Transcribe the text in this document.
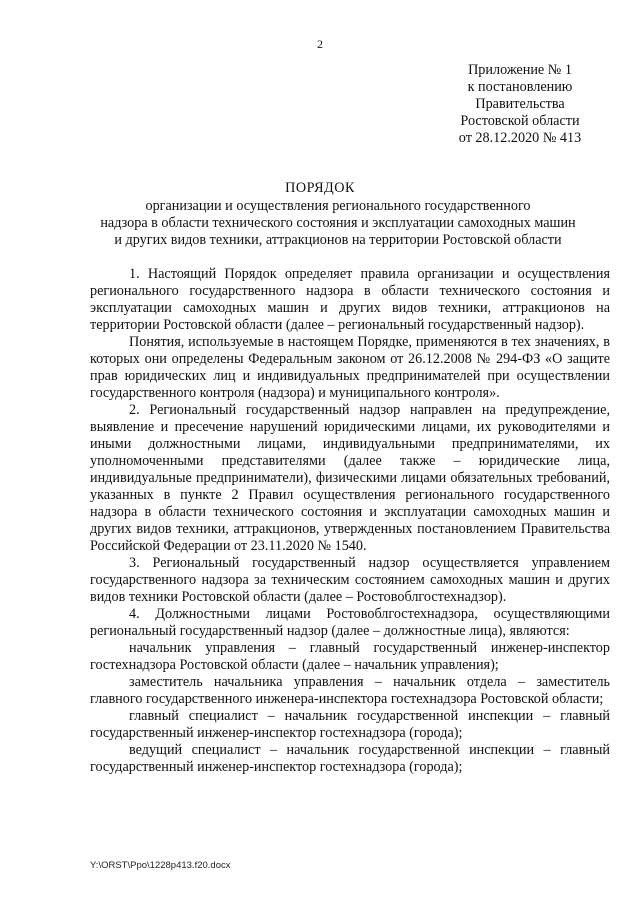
2
Приложение № 1
к постановлению
Правительства
Ростовской области
от 28.12.2020 № 413
ПОРЯДОК
организации и осуществления регионального государственного
надзора в области технического состояния и эксплуатации самоходных машин
и других видов техники, аттракционов на территории Ростовской области

1. Настоящий Порядок определяет правила организации и осуществления регионального государственного надзора в области технического состояния и эксплуатации самоходных машин и других видов техники, аттракционов на территории Ростовской области (далее – региональный государственный надзор).

Понятия, используемые в настоящем Порядке, применяются в тех значениях, в которых они определены Федеральным законом от 26.12.2008 № 294-ФЗ «О защите прав юридических лиц и индивидуальных предпринимателей при осуществлении государственного контроля (надзора) и муниципального контроля».

2. Региональный государственный надзор направлен на предупреждение, выявление и пресечение нарушений юридическими лицами, их руководителями и иными должностными лицами, индивидуальными предпринимателями, их уполномоченными представителями (далее также – юридические лица, индивидуальные предприниматели), физическими лицами обязательных требований, указанных в пункте 2 Правил осуществления регионального государственного надзора в области технического состояния и эксплуатации самоходных машин и других видов техники, аттракционов, утвержденных постановлением Правительства Российской Федерации от 23.11.2020 № 1540.

3. Региональный государственный надзор осуществляется управлением государственного надзора за техническим состоянием самоходных машин и других видов техники Ростовской области (далее – Ростовоблгостехнадзор).

4. Должностными лицами Ростовоблгостехнадзора, осуществляющими региональный государственный надзор (далее – должностные лица), являются:

начальник управления – главный государственный инженер-инспектор гостехнадзора Ростовской области (далее – начальник управления);

заместитель начальника управления – начальник отдела – заместитель главного государственного инженера-инспектора гостехнадзора Ростовской области;

главный специалист – начальник государственной инспекции – главный государственный инженер-инспектор гостехнадзора (города);

ведущий специалист – начальник государственной инспекции – главный государственный инженер-инспектор гостехнадзора (города);

Y:\ORST\Ppo\1228p413.f20.docx
